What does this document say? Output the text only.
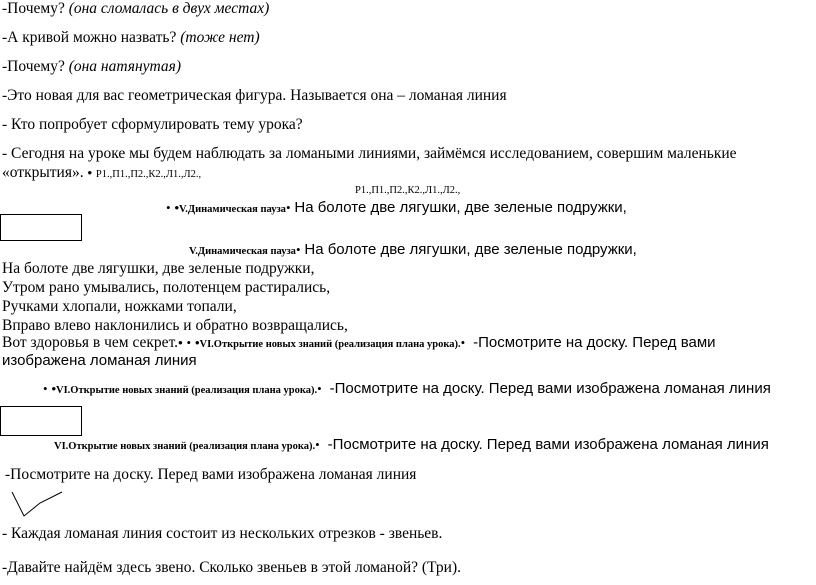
-Почему? (она сломалась в двух местах)
-А кривой можно назвать? (тоже нет)
-Почему? (она натянутая)
-Это новая для вас геометрическая фигура. Называется она – ломаная линия
- Кто попробует сформулировать тему урока?
- Сегодня на уроке мы будем наблюдать за ломаными линиями, займёмся исследованием, совершим маленькие
«открытия». • Р1.,П1.,П2.,К2.,Л1.,Л2.,
Р1.,П1.,П2.,К2.,Л1.,Л2.,
• •V.Динамическая пауза• На болоте две лягушки, две зеленые подружки,
V.Динамическая пауза• На болоте две лягушки, две зеленые подружки,
На болоте две лягушки, две зеленые подружки,
Утром рано умывались, полотенцем растирались,
Ручками хлопали, ножками топали,
Вправо влево наклонились и обратно возвращались,
Вот здоровья в чем секрет.• • •VI.Открытие новых знаний (реализация плана урока).• -Посмотрите на доску. Перед вами
изображена ломаная линия
• •VI.Открытие новых знаний (реализация плана урока).• -Посмотрите на доску. Перед вами изображена ломаная линия
VI.Открытие новых знаний (реализация плана урока).• -Посмотрите на доску. Перед вами изображена ломаная линия
-Посмотрите на доску. Перед вами изображена ломаная линия
- Каждая ломаная линия состоит из нескольких отрезков - звеньев.
-Давайте найдём здесь звено. Сколько звеньев в этой ломаной? (Три).
